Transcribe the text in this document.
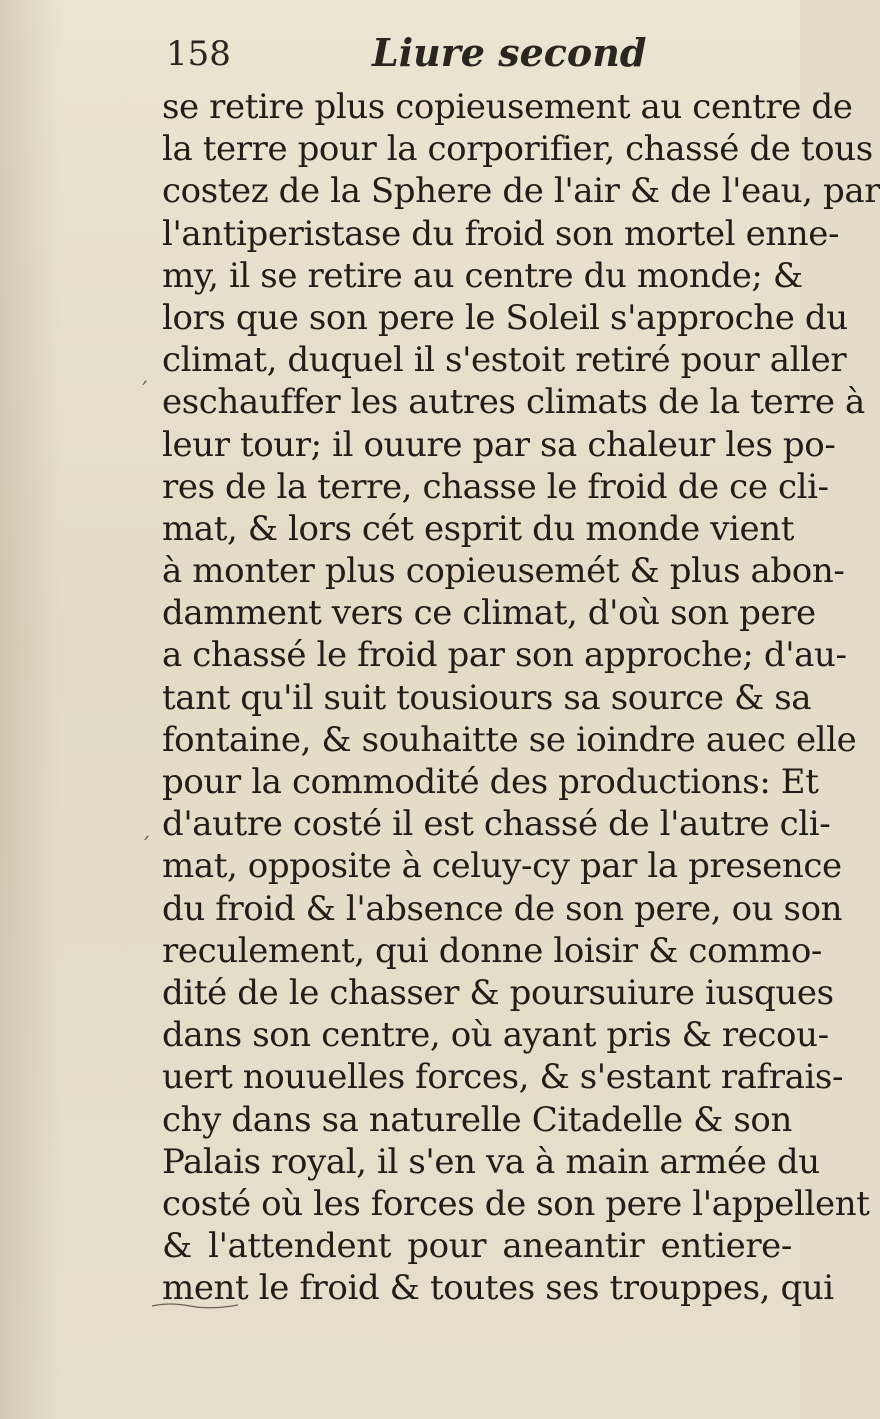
158	Liure second
se retire plus copieusement au centre de
la terre pour la corporifier, chassé de tous
costez de la Sphere de l'air & de l'eau, par
l'antiperistase du froid son mortel enne-
my, il se retire au centre du monde; &
lors que son pere le Soleil s'approche du
climat, duquel il s'estoit retiré pour aller
eschauffer les autres climats de la terre à
leur tour; il ouure par sa chaleur les po-
res de la terre, chasse le froid de ce cli-
mat, & lors cét esprit du monde vient
à monter plus copieusemét & plus abon-
damment vers ce climat, d'où son pere
a chassé le froid par son approche; d'au-
tant qu'il suit tousiours sa source & sa
fontaine, & souhaitte se ioindre auec elle
pour la commodité des productions: Et
d'autre costé il est chassé de l'autre cli-
mat, opposite à celuy-cy par la presence
du froid & l'absence de son pere, ou son
reculement, qui donne loisir & commo-
dité de le chasser & poursuiure iusques
dans son centre, où ayant pris & recou-
uert nouuelles forces, & s'estant rafrais-
chy dans sa naturelle Citadelle & son
Palais royal, il s'en va à main armée du
costé où les forces de son pere l'appellent
& l'attendent pour aneantir entiere-
ment le froid & toutes ses trouppes, qui
ˊ
ˊ
